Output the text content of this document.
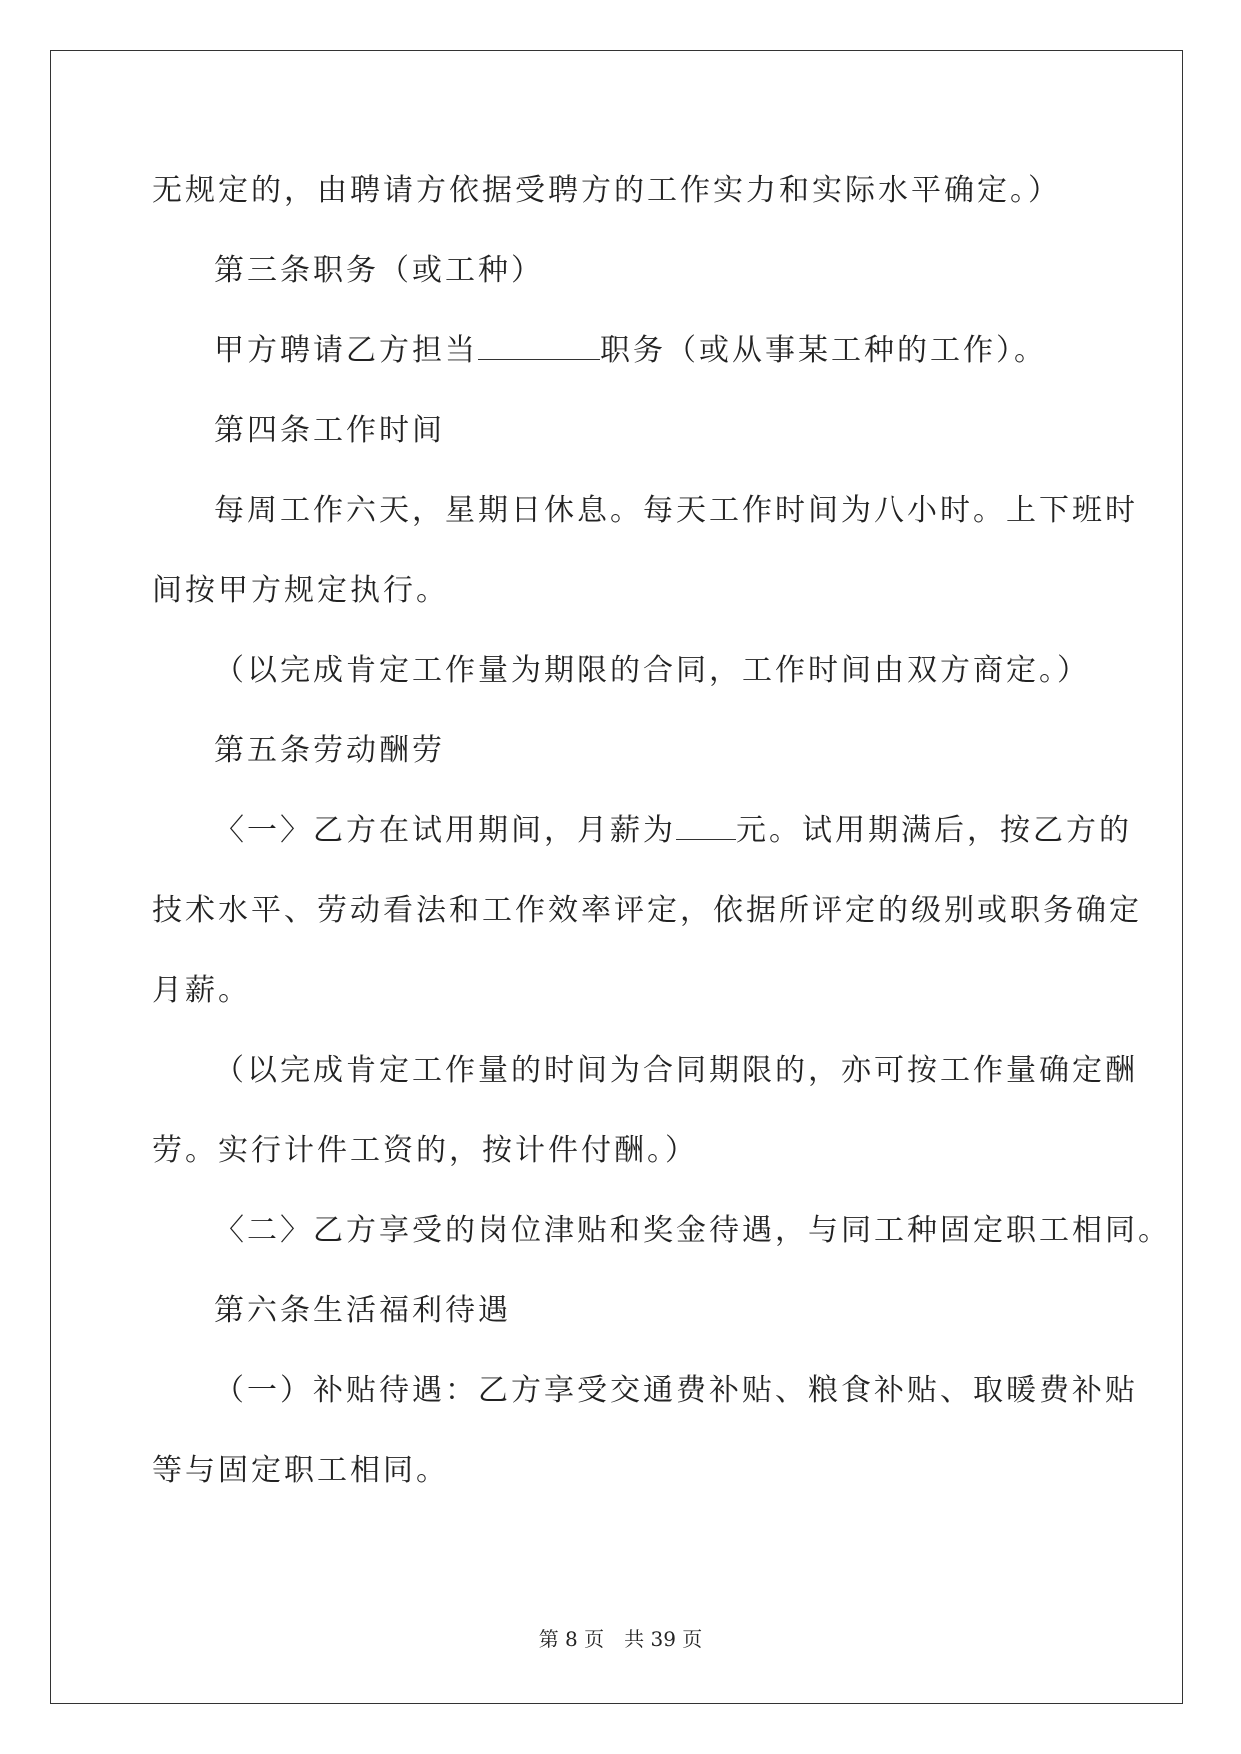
无规定的，由聘请方依据受聘方的工作实力和实际水平确定。）
第三条职务（或工种）
甲方聘请乙方担当	职务（或从事某工种的工作）。
第四条工作时间
每周工作六天，星期日休息。每天工作时间为八小时。上下班时
间按甲方规定执行。
（以完成肯定工作量为期限的合同，工作时间由双方商定。）
第五条劳动酬劳
〈一〉乙方在试用期间，月薪为 元。试用期满后，按乙方的
技术水平、劳动看法和工作效率评定，依据所评定的级别或职务确定
月薪。
（以完成肯定工作量的时间为合同期限的，亦可按工作量确定酬
劳。实行计件工资的，按计件付酬。）
〈二〉乙方享受的岗位津贴和奖金待遇，与同工种固定职工相同。
第六条生活福利待遇
（一）补贴待遇：乙方享受交通费补贴、粮食补贴、取暖费补贴
等与固定职工相同。
第 8 页　共 39 页
